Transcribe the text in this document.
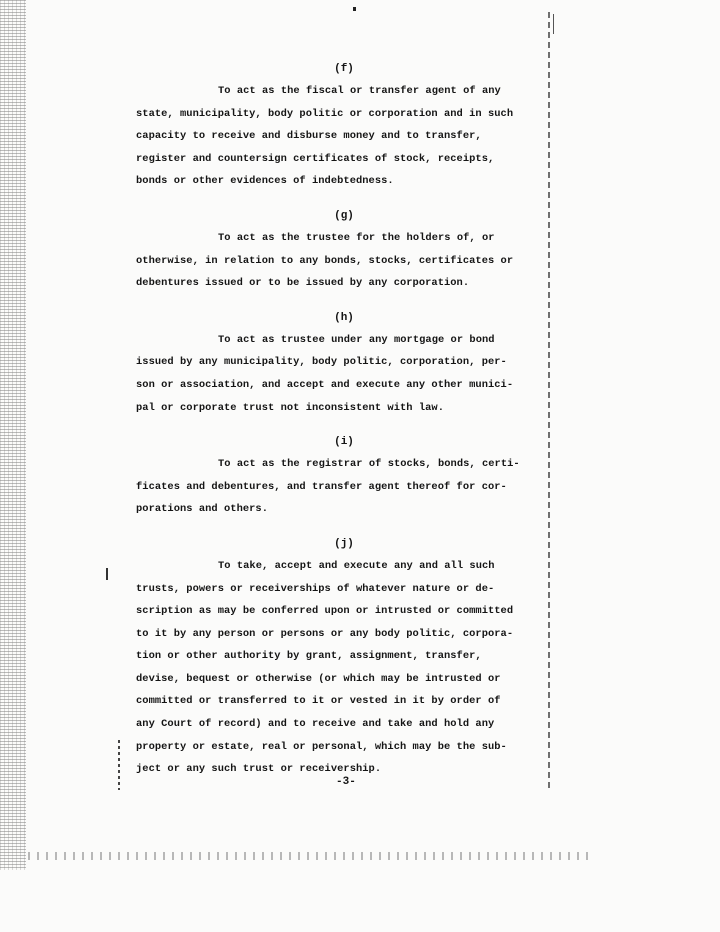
(f)
To act as the fiscal or transfer agent of any
state, municipality, body politic or corporation and in such
capacity to receive and disburse money and to transfer,
register and countersign certificates of stock, receipts,
bonds or other evidences of indebtedness.
(g)
To act as the trustee for the holders of, or
otherwise, in relation to any bonds, stocks, certificates or
debentures issued or to be issued by any corporation.
(h)
To act as trustee under any mortgage or bond
issued by any municipality, body politic, corporation, per-
son or association, and accept and execute any other munici-
pal or corporate trust not inconsistent with law.
(i)
To act as the registrar of stocks, bonds, certi-
ficates and debentures, and transfer agent thereof for cor-
porations and others.
(j)
To take, accept and execute any and all such
trusts, powers or receiverships of whatever nature or de-
scription as may be conferred upon or intrusted or committed
to it by any person or persons or any body politic, corpora-
tion or other authority by grant, assignment, transfer,
devise, bequest or otherwise (or which may be intrusted or
committed or transferred to it or vested in it by order of
any Court of record) and to receive and take and hold any
property or estate, real or personal, which may be the sub-
ject or any such trust or receivership.
-3-
